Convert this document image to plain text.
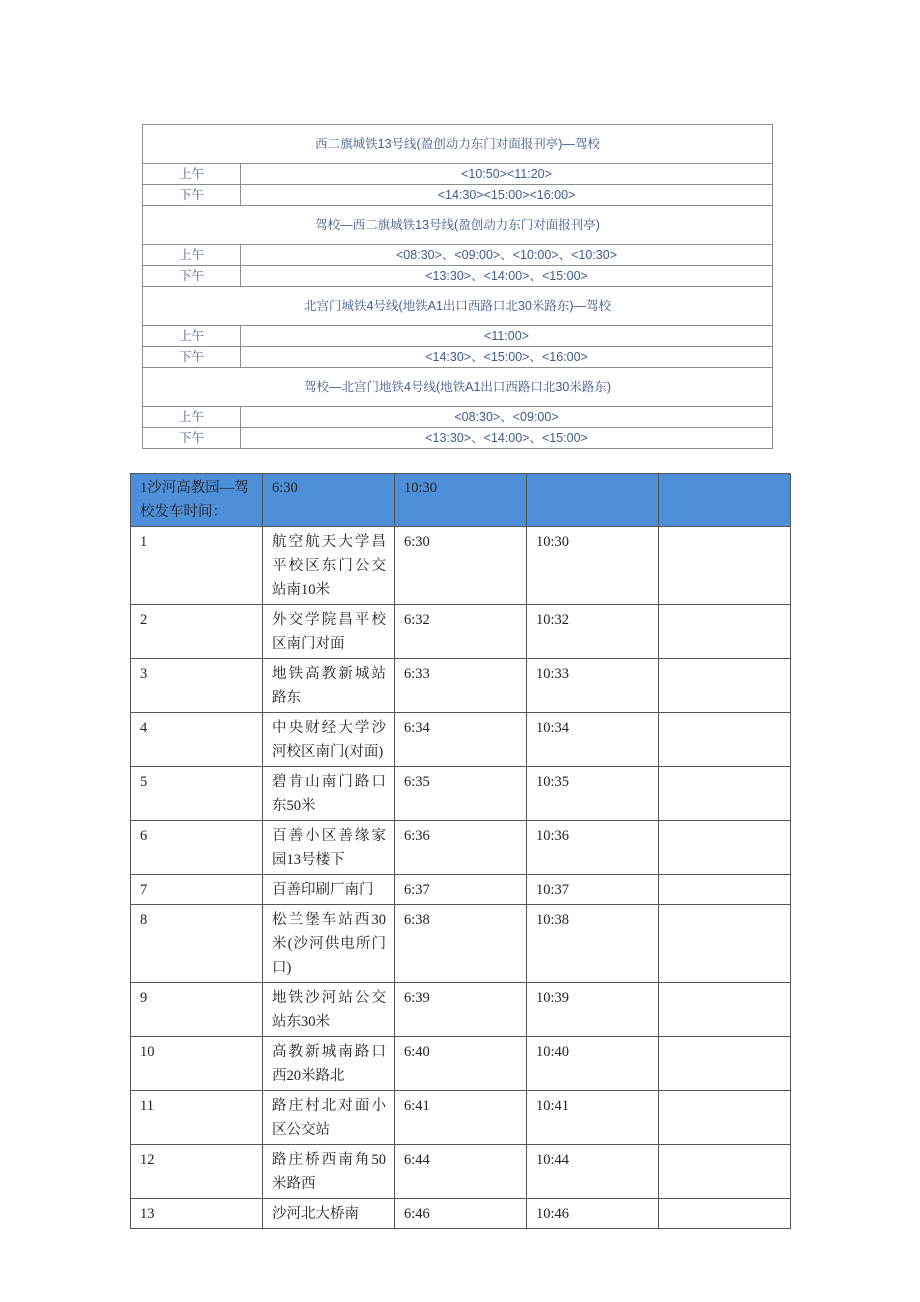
西二旗城铁13号线(盈创动力东门对面报刊亭)—驾校	
上午	<10:50><11:20>
下午	<14:30><15:00><16:00>
驾校—西二旗城铁13号线(盈创动力东门对面报刊亭)	
上午	<08:30>、<09:00>、<10:00>、<10:30>
下午	<13:30>、<14:00>、<15:00>
北宫门城铁4号线(地铁A1出口西路口北30米路东)—驾校	
上午	<11:00>
下午	<14:30>、<15:00>、<16:00>
驾校—北宫门地铁4号线(地铁A1出口西路口北30米路东)	
上午	<08:30>、<09:00>
下午	<13:30>、<14:00>、<15:00>
1沙河高教园—驾校发车时间：	6:30	10:30		
1	航空航天大学昌平校区东门公交站南10米	6:30	10:30	
2	外交学院昌平校区南门对面	6:32	10:32	
3	地铁高教新城站路东	6:33	10:33	
4	中央财经大学沙河校区南门(对面)	6:34	10:34	
5	碧肯山南门路口东50米	6:35	10:35	
6	百善小区善缘家园13号楼下	6:36	10:36	
7	百善印刷厂南门	6:37	10:37	
8	松兰堡车站西30米(沙河供电所门口)	6:38	10:38	
9	地铁沙河站公交站东30米	6:39	10:39	
10	高教新城南路口西20米路北	6:40	10:40	
11	路庄村北对面小区公交站	6:41	10:41	
12	路庄桥西南角50米路西	6:44	10:44	
13	沙河北大桥南	6:46	10:46	
